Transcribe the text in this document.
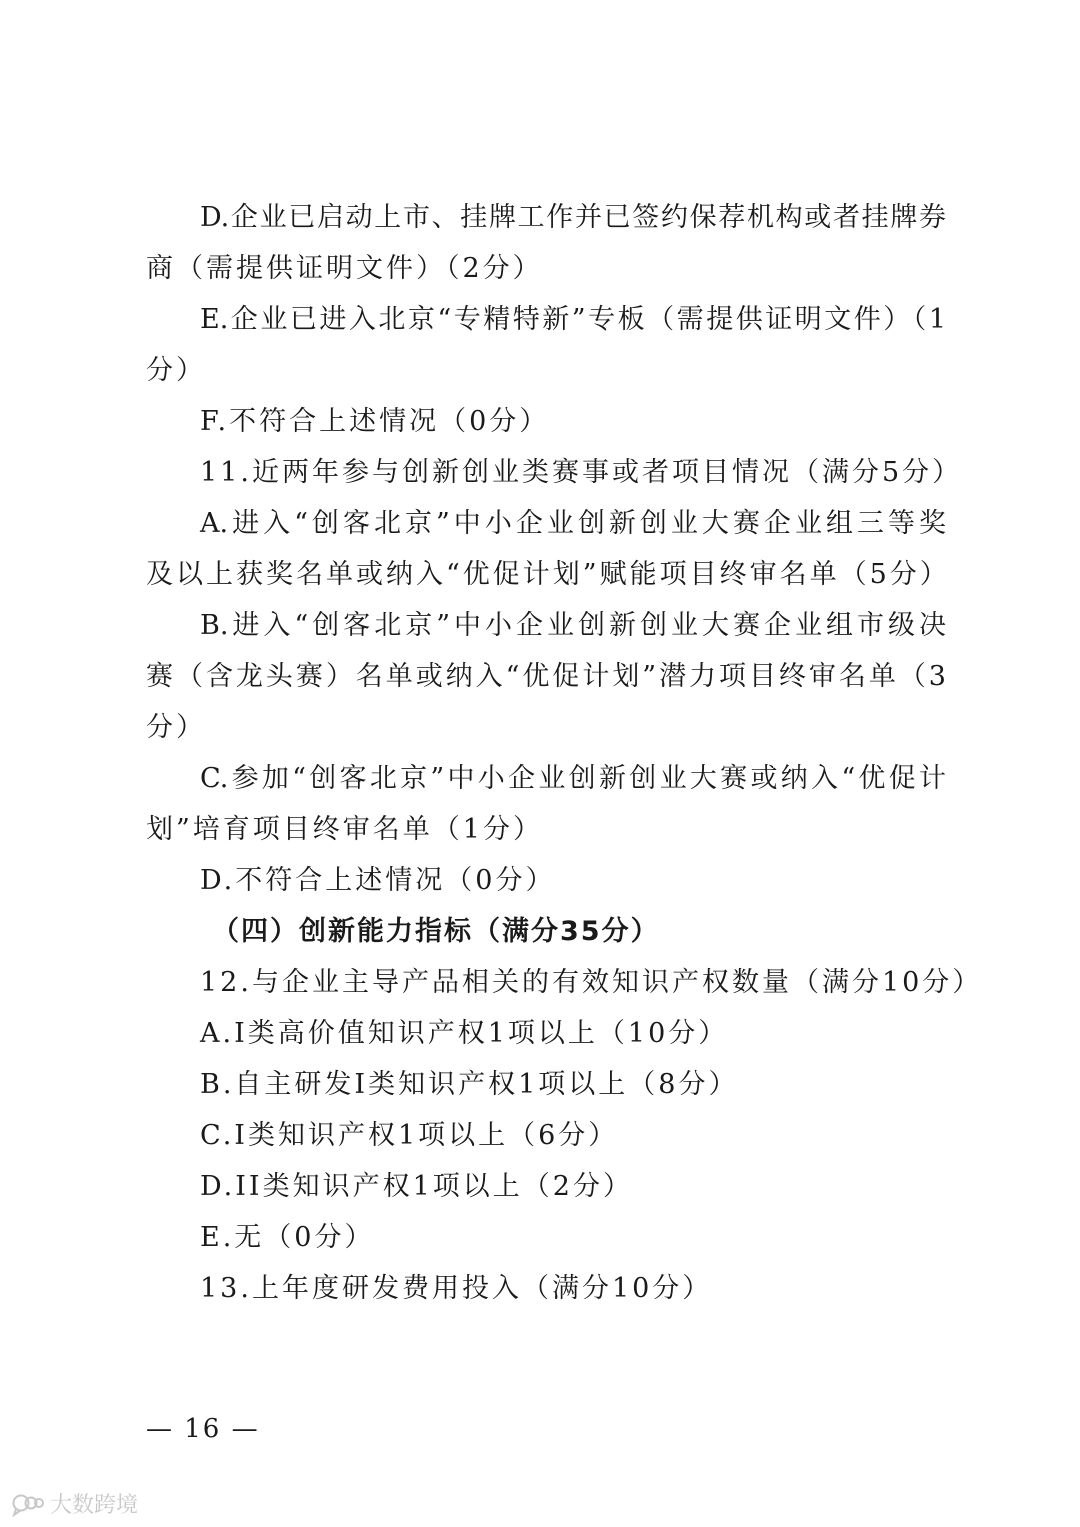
D.企业已启动上市、挂牌工作并已签约保荐机构或者挂牌券
商（需提供证明文件）（2分）
E.企业已进入北京“专精特新”专板（需提供证明文件）（1
分）
F.不符合上述情况（0分）
11.近两年参与创新创业类赛事或者项目情况（满分5分）
A.进入“创客北京”中小企业创新创业大赛企业组三等奖
及以上获奖名单或纳入“优促计划”赋能项目终审名单（5分）
B.进入“创客北京”中小企业创新创业大赛企业组市级决
赛（含龙头赛）名单或纳入“优促计划”潜力项目终审名单（3
分）
C.参加“创客北京”中小企业创新创业大赛或纳入“优促计
划”培育项目终审名单（1分）
D.不符合上述情况（0分）
（四）创新能力指标（满分35分）
12.与企业主导产品相关的有效知识产权数量（满分10分）
A.I类高价值知识产权1项以上（10分）
B.自主研发I类知识产权1项以上（8分）
C.I类知识产权1项以上（6分）
D.II类知识产权1项以上（2分）
E.无（0分）
13.上年度研发费用投入（满分10分）
— 16 —
大数跨境
